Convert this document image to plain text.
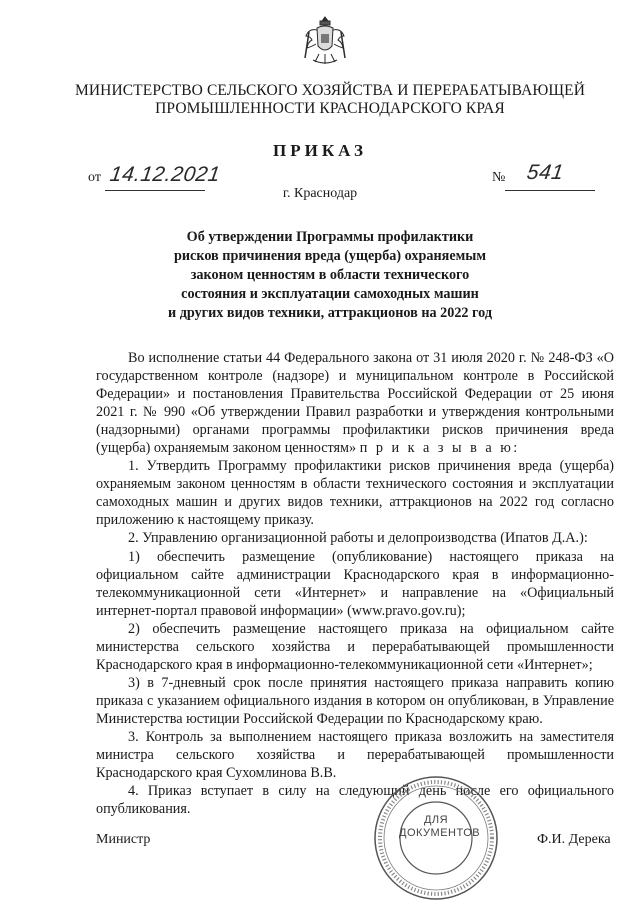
МИНИСТЕРСТВО СЕЛЬСКОГО ХОЗЯЙСТВА И ПЕРЕРАБАТЫВАЮЩЕЙ
ПРОМЫШЛЕННОСТИ КРАСНОДАРСКОГО КРАЯ
ПРИКАЗ
от 14.12.2021	№ 541
г. Краснодар
Об утверждении Программы профилактики
рисков причинения вреда (ущерба) охраняемым
законом ценностям в области технического
состояния и эксплуатации самоходных машин
и других видов техники, аттракционов на 2022 год

Во исполнение статьи 44 Федерального закона от 31 июля 2020 г. № 248-ФЗ «О государственном контроле (надзоре) и муниципальном контроле в Российской Федерации» и постановления Правительства Российской Федерации от 25 июня 2021 г. № 990 «Об утверждении Правил разработки и утверждения контрольными (надзорными) органами программы профилактики рисков причинения вреда (ущерба) охраняемым законом ценностям» п р и к а з ы в а ю:

1. Утвердить Программу профилактики рисков причинения вреда (ущерба) охраняемым законом ценностям в области технического состояния и эксплуатации самоходных машин и других видов техники, аттракционов на 2022 год согласно приложению к настоящему приказу.

2. Управлению организационной работы и делопроизводства (Ипатов Д.А.):

1) обеспечить размещение (опубликование) настоящего приказа на официальном сайте администрации Краснодарского края в информационно-телекоммуникационной сети «Интернет» и направление на «Официальный интернет-портал правовой информации» (www.pravo.gov.ru);

2) обеспечить размещение настоящего приказа на официальном сайте министерства сельского хозяйства и перерабатывающей промышленности Краснодарского края в информационно-телекоммуникационной сети «Интернет»;

3) в 7-дневный срок после принятия настоящего приказа направить копию приказа с указанием официального издания в котором он опубликован, в Управление Министерства юстиции Российской Федерации по Краснодарскому краю.

3. Контроль за выполнением настоящего приказа возложить на заместителя министра сельского хозяйства и перерабатывающей промышленности Краснодарского края Сухомлинова В.В.

4. Приказ вступает в силу на следующий день после его официального опубликования.

ДЛЯ
ДОКУМЕНТОВ
Министр	Ф.И. Дерека
